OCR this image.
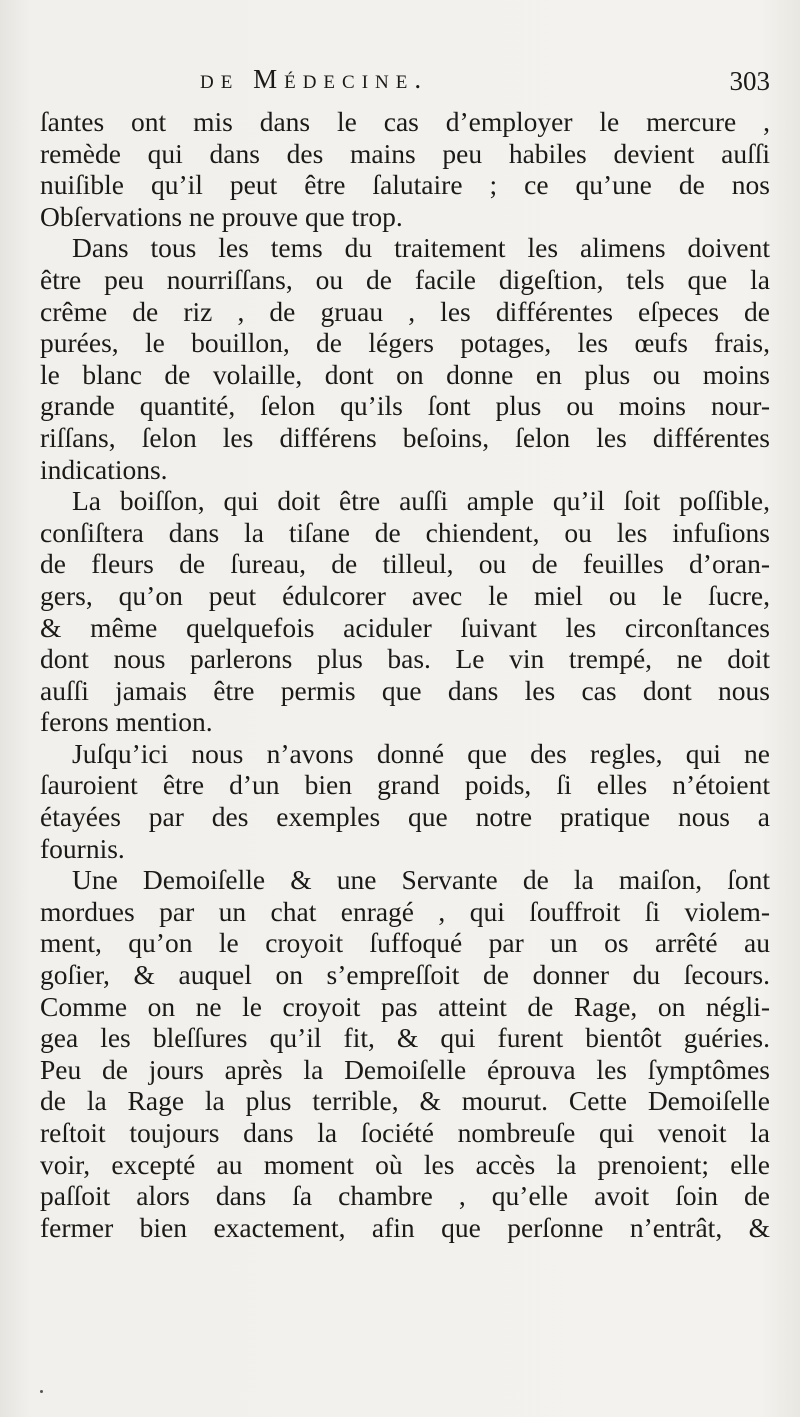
de Médecine.	303
ſantes ont mis dans le cas d’employer le mercure ,
remède qui dans des mains peu habiles devient auſſi
nuiſible qu’il peut être ſalutaire ; ce qu’une de nos
Obſervations ne prouve que trop.
Dans tous les tems du traitement les alimens doivent
être peu nourriſſans, ou de facile digeſtion, tels que la
crême de riz , de gruau , les différentes eſpeces de
purées, le bouillon, de légers potages, les œufs frais,
le blanc de volaille, dont on donne en plus ou moins
grande quantité, ſelon qu’ils ſont plus ou moins nour-
riſſans, ſelon les différens beſoins, ſelon les différentes
indications.
La boiſſon, qui doit être auſſi ample qu’il ſoit poſſible,
conſiſtera dans la tiſane de chiendent, ou les infuſions
de fleurs de ſureau, de tilleul, ou de feuilles d’oran-
gers, qu’on peut édulcorer avec le miel ou le ſucre,
& même quelquefois aciduler ſuivant les circonſtances
dont nous parlerons plus bas. Le vin trempé, ne doit
auſſi jamais être permis que dans les cas dont nous
ferons mention.
Juſqu’ici nous n’avons donné que des regles, qui ne
ſauroient être d’un bien grand poids, ſi elles n’étoient
étayées par des exemples que notre pratique nous a
fournis.
Une Demoiſelle & une Servante de la maiſon, ſont
mordues par un chat enragé , qui ſouffroit ſi violem-
ment, qu’on le croyoit ſuffoqué par un os arrêté au
goſier, & auquel on s’empreſſoit de donner du ſecours.
Comme on ne le croyoit pas atteint de Rage, on négli-
gea les bleſſures qu’il fit, & qui furent bientôt guéries.
Peu de jours après la Demoiſelle éprouva les ſymptômes
de la Rage la plus terrible, & mourut. Cette Demoiſelle
reſtoit toujours dans la ſociété nombreuſe qui venoit la
voir, excepté au moment où les accès la prenoient; elle
paſſoit alors dans ſa chambre , qu’elle avoit ſoin de
fermer bien exactement, afin que perſonne n’entrât, &
